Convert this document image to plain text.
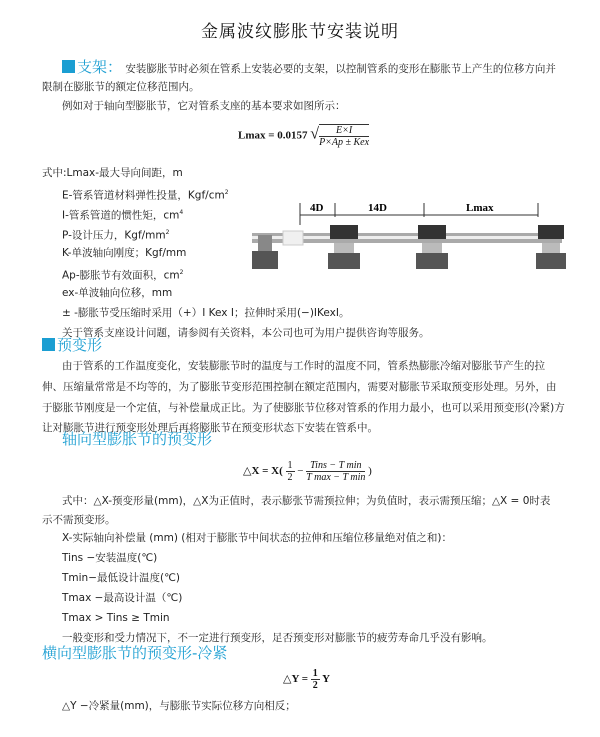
金属波纹膨胀节安装说明
支架： 安装膨胀节时必须在管系上安装必要的支架，以控制管系的变形在膨胀节上产生的位移方向并
限制在膨胀节的额定位移范围内。
例如对于轴向型膨胀节，它对管系支座的基本要求如图所示：
Lmax = 0.0157 √ $\frac{E\times I}{\text{P×Ap ± Kex}}$
式中:Lmax-最大导向间距，m
E-管系管道材料弹性投量，Kgf/$cm^2$
I-管系管道的惯性矩，$cm^4$
P-设计压力，Kgf/$mm^2$
K-单波轴向刚度；Kgf/mm
Ap-膨胀节有效面积，$cm^2$
ex-单波轴向位移，mm
± -膨胀节受压缩时采用（+）I Kex I；拉伸时采用(−)IKexI。
关于管系支座设计问题，请参阅有关资料，本公司也可为用户提供咨询等服务。
4D	14D	Lmax
预变形
由于管系的工作温度变化，安装膨胀节时的温度与工作时的温度不同，管系热膨胀冷缩对膨胀节产生的拉
伸、压缩量常常是不均等的，为了膨胀节变形范围控制在额定范围内，需要对膨胀节采取预变形处理。另外，由
于膨胀节刚度是一个定值，与补偿量成正比。为了使膨胀节位移对管系的作用力最小，也可以采用预变形(冷紧)方
让对膨胀节进行预变形处理后再将膨胀节在预变形状态下安装在管系中。
轴向型膨胀节的预变形
△X = $X( \frac{1}{2} - \frac{\text{Tins − T min}}{\text{T max − T min}}$ )
式中：△X-预变形量(mm)，△X为正值时，表示膨张节需预拉伸；为负值时，表示需预压缩；△X = 0时表
示不需预变形。
X-实际轴向补偿量 (mm) (相对于膨胀节中间状态的拉伸和压缩位移量绝对值之和)：
Tins −安装温度(℃)
Tmin−最低设计温度(℃)
Tmax −最高设计温（℃)
Tmax > Tins ≥ Tmin
一般变形和受力情况下，不一定进行预变形，足否预变形对膨胀节的疲劳寿命几乎没有影响。
横向型膨胀节的预变形-冷紧
△Y = $\frac{1}{2}$ Y
△Y −冷紧量(mm)，与膨胀节实际位移方向相反；
